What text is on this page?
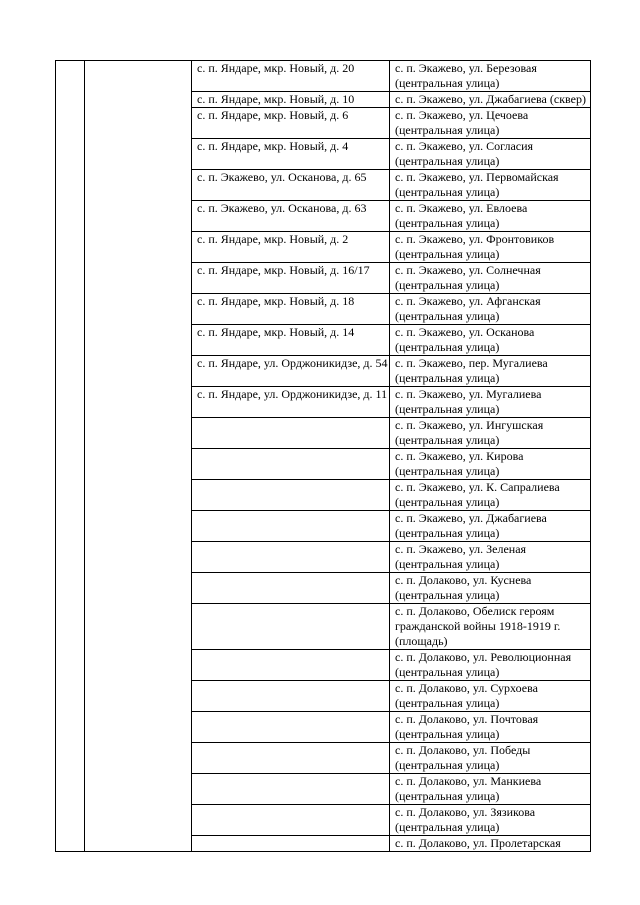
		с. п. Яндаре, мкр. Новый, д. 20	с. п. Экажево, ул. Березовая (центральная улица)
		с. п. Яндаре, мкр. Новый, д. 10	с. п. Экажево, ул. Джабагиева (сквер)
		с. п. Яндаре, мкр. Новый, д. 6	с. п. Экажево, ул. Цечоева (центральная улица)
		с. п. Яндаре, мкр. Новый, д. 4	с. п. Экажево, ул. Согласия (центральная улица)
		с. п. Экажево, ул. Осканова, д. 65	с. п. Экажево, ул. Первомайская (центральная улица)
		с. п. Экажево, ул. Осканова, д. 63	с. п. Экажево, ул. Евлоева (центральная улица)
		с. п. Яндаре, мкр. Новый, д. 2	с. п. Экажево, ул. Фронтовиков (центральная улица)
		с. п. Яндаре, мкр. Новый, д. 16/17	с. п. Экажево, ул. Солнечная (центральная улица)
		с. п. Яндаре, мкр. Новый, д. 18	с. п. Экажево, ул. Афганская (центральная улица)
		с. п. Яндаре, мкр. Новый, д. 14	с. п. Экажево, ул. Осканова (центральная улица)
		с. п. Яндаре, ул. Орджоникидзе, д. 54	с. п. Экажево, пер. Мугалиева (центральная улица)
		с. п. Яндаре, ул. Орджоникидзе, д. 11	с. п. Экажево, ул. Мугалиева (центральная улица)
			с. п. Экажево, ул. Ингушская (центральная улица)
			с. п. Экажево, ул. Кирова (центральная улица)
			с. п. Экажево, ул. К. Сапралиева (центральная улица)
			с. п. Экажево, ул. Джабагиева (центральная улица)
			с. п. Экажево, ул. Зеленая (центральная улица)
			с. п. Долаково, ул. Куснева (центральная улица)
			с. п. Долаково, Обелиск героям гражданской войны 1918-1919 г. (площадь)
			с. п. Долаково, ул. Революционная (центральная улица)
			с. п. Долаково, ул. Сурхоева (центральная улица)
			с. п. Долаково, ул. Почтовая (центральная улица)
			с. п. Долаково, ул. Победы (центральная улица)
			с. п. Долаково, ул. Манкиева (центральная улица)
			с. п. Долаково, ул. Зязикова (центральная улица)
			с. п. Долаково, ул. Пролетарская
